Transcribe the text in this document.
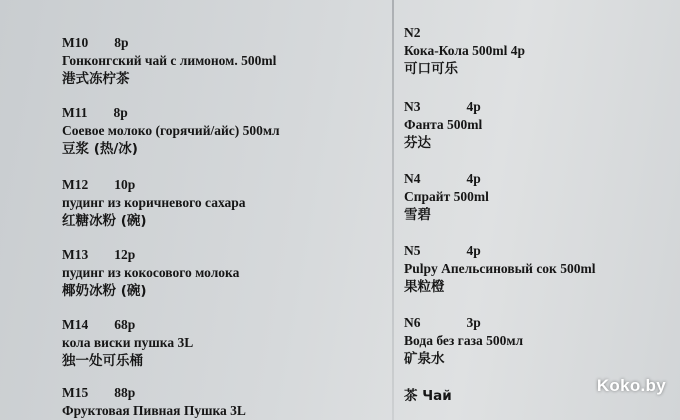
M10 8р
Гонконгский чай с лимоном. 500ml
港式冻柠茶
M11 8р
Соевое молоко (горячий/айс) 500мл
豆浆 (热/冰)
M12 10р
пудинг из коричневого сахара
红糖冰粉 (碗)
M13 12р
пудинг из кокосового молока
椰奶冰粉 (碗)
M14 68р
кола виски пушка 3L
独一处可乐桶
M15 88р
Фруктовая Пивная Пушка 3L
N2
Кока-Кола 500ml 4р
可口可乐
N3	4р
Фанта 500ml
芬达
N4	4р
Спрайт 500ml
雪碧
N5	4р
Pulpy Апельсиновый сок 500ml
果粒橙
N6	3р
Вода без газа 500мл
矿泉水
茶 Чай
Koko.by
